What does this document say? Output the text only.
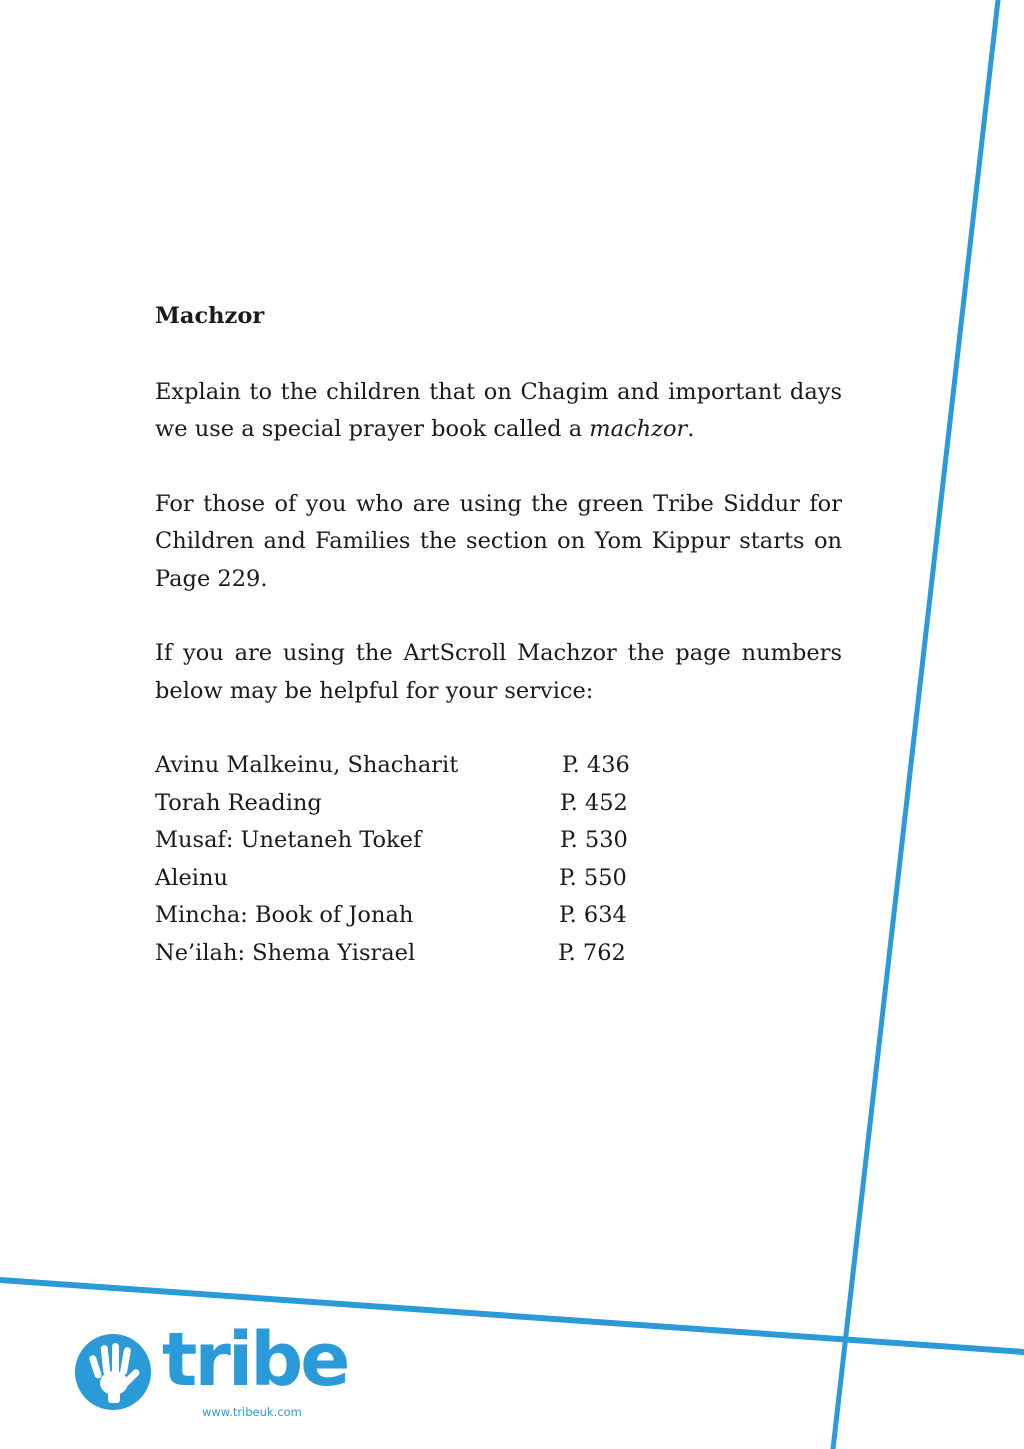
Machzor

Explain to the children that on Chagim and important days we use a special prayer book called a machzor.

For those of you who are using the green Tribe Siddur for Children and Families the section on Yom Kippur starts on Page 229.

If you are using the ArtScroll Machzor the page numbers below may be helpful for your service:

Avinu Malkeinu, Shacharit	P. 436
Torah Reading	P. 452
Musaf: Unetaneh Tokef	P. 530
Aleinu	P. 550
Mincha: Book of Jonah	P. 634
Ne’ilah: Shema Yisrael	P. 762
tribe
www.tribeuk.com
